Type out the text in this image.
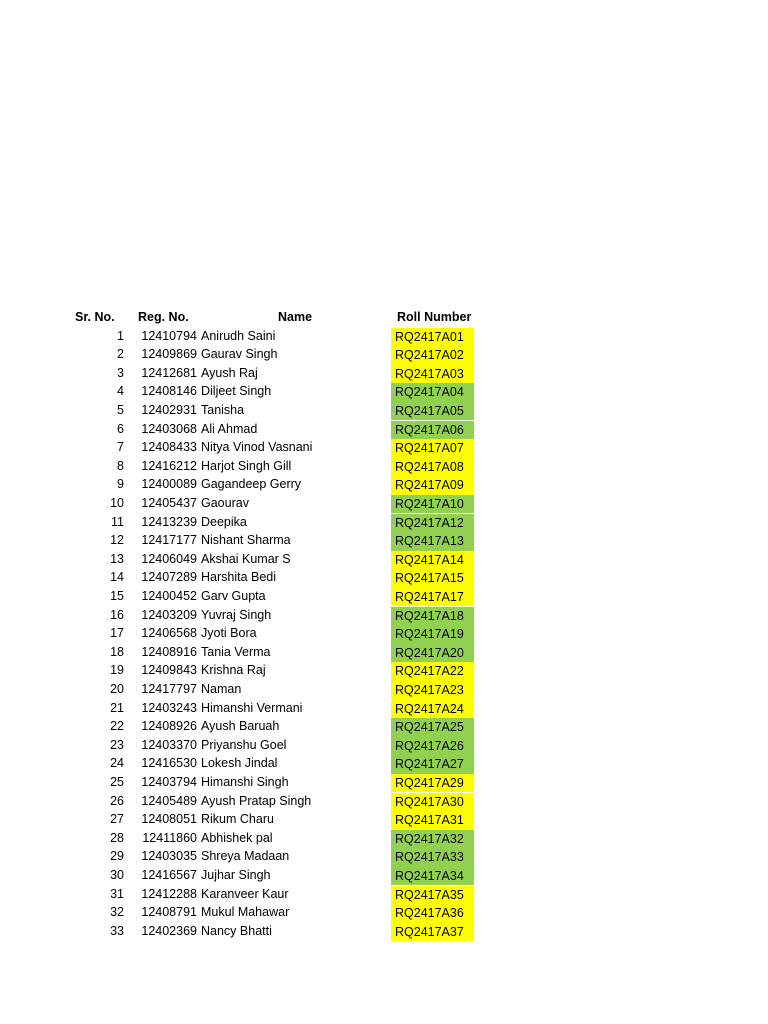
Sr. No. Reg. No.	Name	Roll Number
1 12410794 Anirudh Saini	RQ2417A01
2 12409869 Gaurav Singh	RQ2417A02
3 12412681 Ayush Raj	RQ2417A03
4 12408146 Diljeet Singh	RQ2417A04
5 12402931 Tanisha	RQ2417A05
6 12403068 Ali Ahmad	RQ2417A06
7 12408433 Nitya Vinod Vasnani	RQ2417A07
8 12416212 Harjot Singh Gill	RQ2417A08
9 12400089 Gagandeep Gerry	RQ2417A09
10 12405437 Gaourav	RQ2417A10
11 12413239 Deepika	RQ2417A12
12 12417177 Nishant Sharma	RQ2417A13
13 12406049 Akshai Kumar S	RQ2417A14
14 12407289 Harshita Bedi	RQ2417A15
15 12400452 Garv Gupta	RQ2417A17
16 12403209 Yuvraj Singh	RQ2417A18
17 12406568 Jyoti Bora	RQ2417A19
18 12408916 Tania Verma	RQ2417A20
19 12409843 Krishna Raj	RQ2417A22
20 12417797 Naman	RQ2417A23
21 12403243 Himanshi Vermani	RQ2417A24
22 12408926 Ayush Baruah	RQ2417A25
23 12403370 Priyanshu Goel	RQ2417A26
24 12416530 Lokesh Jindal	RQ2417A27
25 12403794 Himanshi Singh	RQ2417A29
26 12405489 Ayush Pratap Singh	RQ2417A30
27 12408051 Rikum Charu	RQ2417A31
28 12411860 Abhishek pal	RQ2417A32
29 12403035 Shreya Madaan	RQ2417A33
30 12416567 Jujhar Singh	RQ2417A34
31 12412288 Karanveer Kaur	RQ2417A35
32 12408791 Mukul Mahawar	RQ2417A36
33 12402369 Nancy Bhatti	RQ2417A37
